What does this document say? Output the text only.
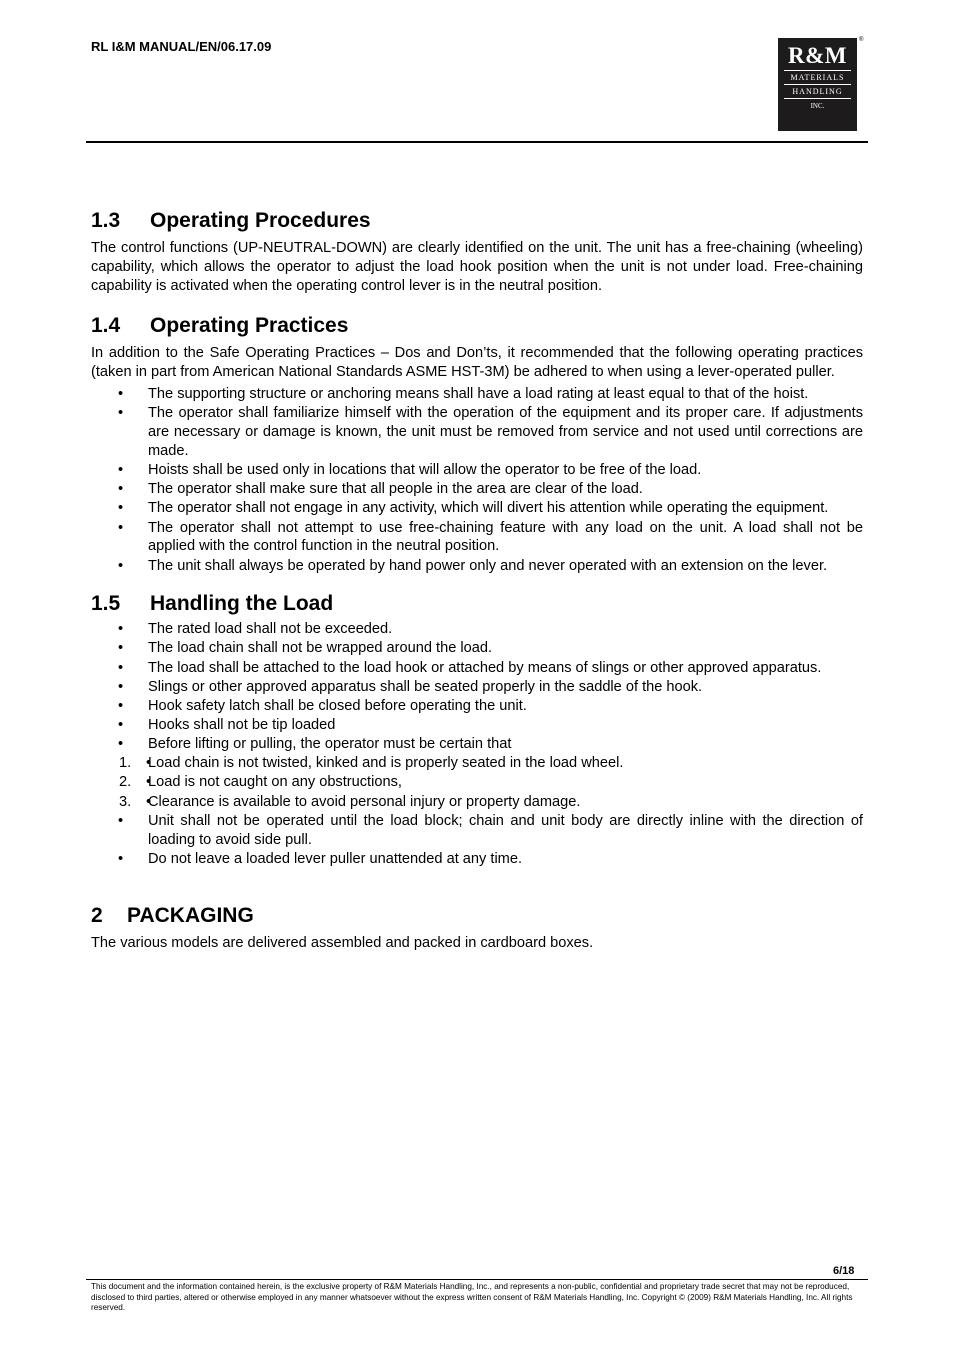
RL I&M MANUAL/EN/06.17.09	R&M
MATERIALS
HANDLING
INC.
®
1.3 Operating Procedures

The control functions (UP-NEUTRAL-DOWN) are clearly identified on the unit. The unit has a free-chaining (wheeling) capability, which allows the operator to adjust the load hook position when the unit is not under load. Free-chaining capability is activated when the operating control lever is in the neutral position.

1.4 Operating Practices

In addition to the Safe Operating Practices – Dos and Don’ts, it recommended that the following operating practices (taken in part from American National Standards ASME HST-3M) be adhered to when using a lever-operated puller.

• The supporting structure or anchoring means shall have a load rating at least equal to that of the hoist.
• The operator shall familiarize himself with the operation of the equipment and its proper care. If adjustments are necessary or damage is known, the unit must be removed from service and not used until corrections are made.
• Hoists shall be used only in locations that will allow the operator to be free of the load.
• The operator shall make sure that all people in the area are clear of the load.
• The operator shall not engage in any activity, which will divert his attention while operating the equipment.
• The operator shall not attempt to use free-chaining feature with any load on the unit. A load shall not be applied with the control function in the neutral position.
• The unit shall always be operated by hand power only and never operated with an extension on the lever.
1.5 Handling the Load
• The rated load shall not be exceeded.
• The load chain shall not be wrapped around the load.
• The load shall be attached to the load hook or attached by means of slings or other approved apparatus.
• Slings or other approved apparatus shall be seated properly in the saddle of the hook.
• Hook safety latch shall be closed before operating the unit.
• Hooks shall not be tip loaded
• Before lifting or pulling, the operator must be certain that
• 1. Load chain is not twisted, kinked and is properly seated in the load wheel.
• 2. Load is not caught on any obstructions,
• 3. Clearance is available to avoid personal injury or property damage.
• Unit shall not be operated until the load block; chain and unit body are directly inline with the direction of loading to avoid side pull.
• Do not leave a loaded lever puller unattended at any time.
2 PACKAGING

The various models are delivered assembled and packed in cardboard boxes.

6/18
This document and the information contained herein, is the exclusive property of R&M Materials Handling, Inc., and represents a non-public, confidential and proprietary trade secret that may not be reproduced, disclosed to third parties, altered or otherwise employed in any manner whatsoever without the express written consent of R&M Materials Handling, Inc. Copyright © (2009) R&M Materials Handling, Inc. All rights reserved.
